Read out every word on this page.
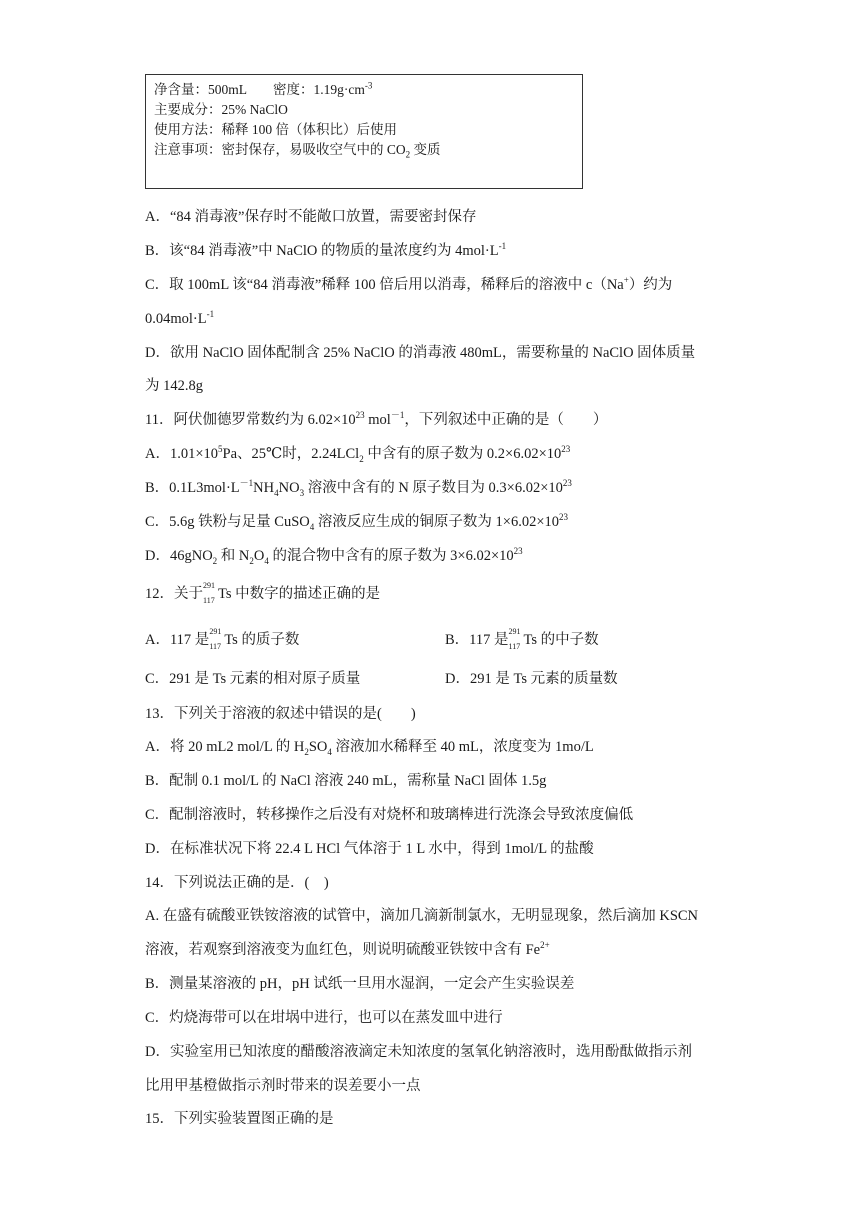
净含量：500mL 密度：$1.19g\cdot cm^{-3}$
主要成分：25% NaClO
使用方法：稀释 100 倍（体积比）后使用
注意事项：密封保存，易吸收空气中的 $CO_2$ 变质
A．“84 消毒液”保存时不能敞口放置，需要密封保存
B．该“84 消毒液”中 NaClO 的物质的量浓度约为 $4mol\cdot L^{-1}$
C．取 100mL 该“84 消毒液”稀释 100 倍后用以消毒，稀释后的溶液中 c（Na+）约为
$0.04mol\cdot L^{-1}$
D．欲用 NaClO 固体配制含 25% NaClO 的消毒液 480mL，需要称量的 NaClO 固体质量
为 142.8g
11．阿伏伽德罗常数约为 $6.02\times 10^{23}$ mol$^{-1}$，下列叙述中正确的是（　　）
A．$1.01\times 10^5Pa$、25℃时，2.24LCl$_2$ 中含有的原子数为 $0.2\times 6.02\times 10^{23}$
B．$0.1L3mol\cdot L^{-1}NH_4NO_3$ 溶液中含有的 N 原子数目为 $0.3\times 6.02\times 10^{23}$
C．5.6g 铁粉与足量 CuSO$_4$ 溶液反应生成的铜原子数为 $1\times 6.02\times 10^{23}$
D．46gNO$_2$ 和 $N_2O_4$ 的混合物中含有的原子数为 $3\times 6.02\times 10^{23}$
12．关于
291
117 Ts 中数字的描述正确的是
A．117 是
291
117 Ts 的质子数	B．117 是
291
117 Ts 的中子数
C．291 是 Ts 元素的相对原子质量	D．291 是 Ts 元素的质量数
13．下列关于溶液的叙述中错误的是(　　)
A．将 20 mL2 mol/L 的 $H_2SO_4$ 溶液加水稀释至 40 mL，浓度变为 1mo/L
B．配制 0.1 mol/L 的 NaCl 溶液 240 mL，需称量 NaCl 固体 1.5g
C．配制溶液时，转移操作之后没有对烧杯和玻璃棒进行洗涤会导致浓度偏低
D．在标准状况下将 22.4 L HCl 气体溶于 1 L 水中，得到 1mol/L 的盐酸
14．下列说法正确的是．(　)
A. 在盛有硫酸亚铁铵溶液的试管中，滴加几滴新制氯水，无明显现象，然后滴加 KSCN
溶液，若观察到溶液变为血红色，则说明硫酸亚铁铵中含有 $Fe^{2+}$
B．测量某溶液的 pH，pH 试纸一旦用水湿润，一定会产生实验误差
C．灼烧海带可以在坩埚中进行，也可以在蒸发皿中进行
D．实验室用已知浓度的醋酸溶液滴定未知浓度的氢氧化钠溶液时，选用酚酞做指示剂
比用甲基橙做指示剂时带来的误差要小一点
15．下列实验装置图正确的是
